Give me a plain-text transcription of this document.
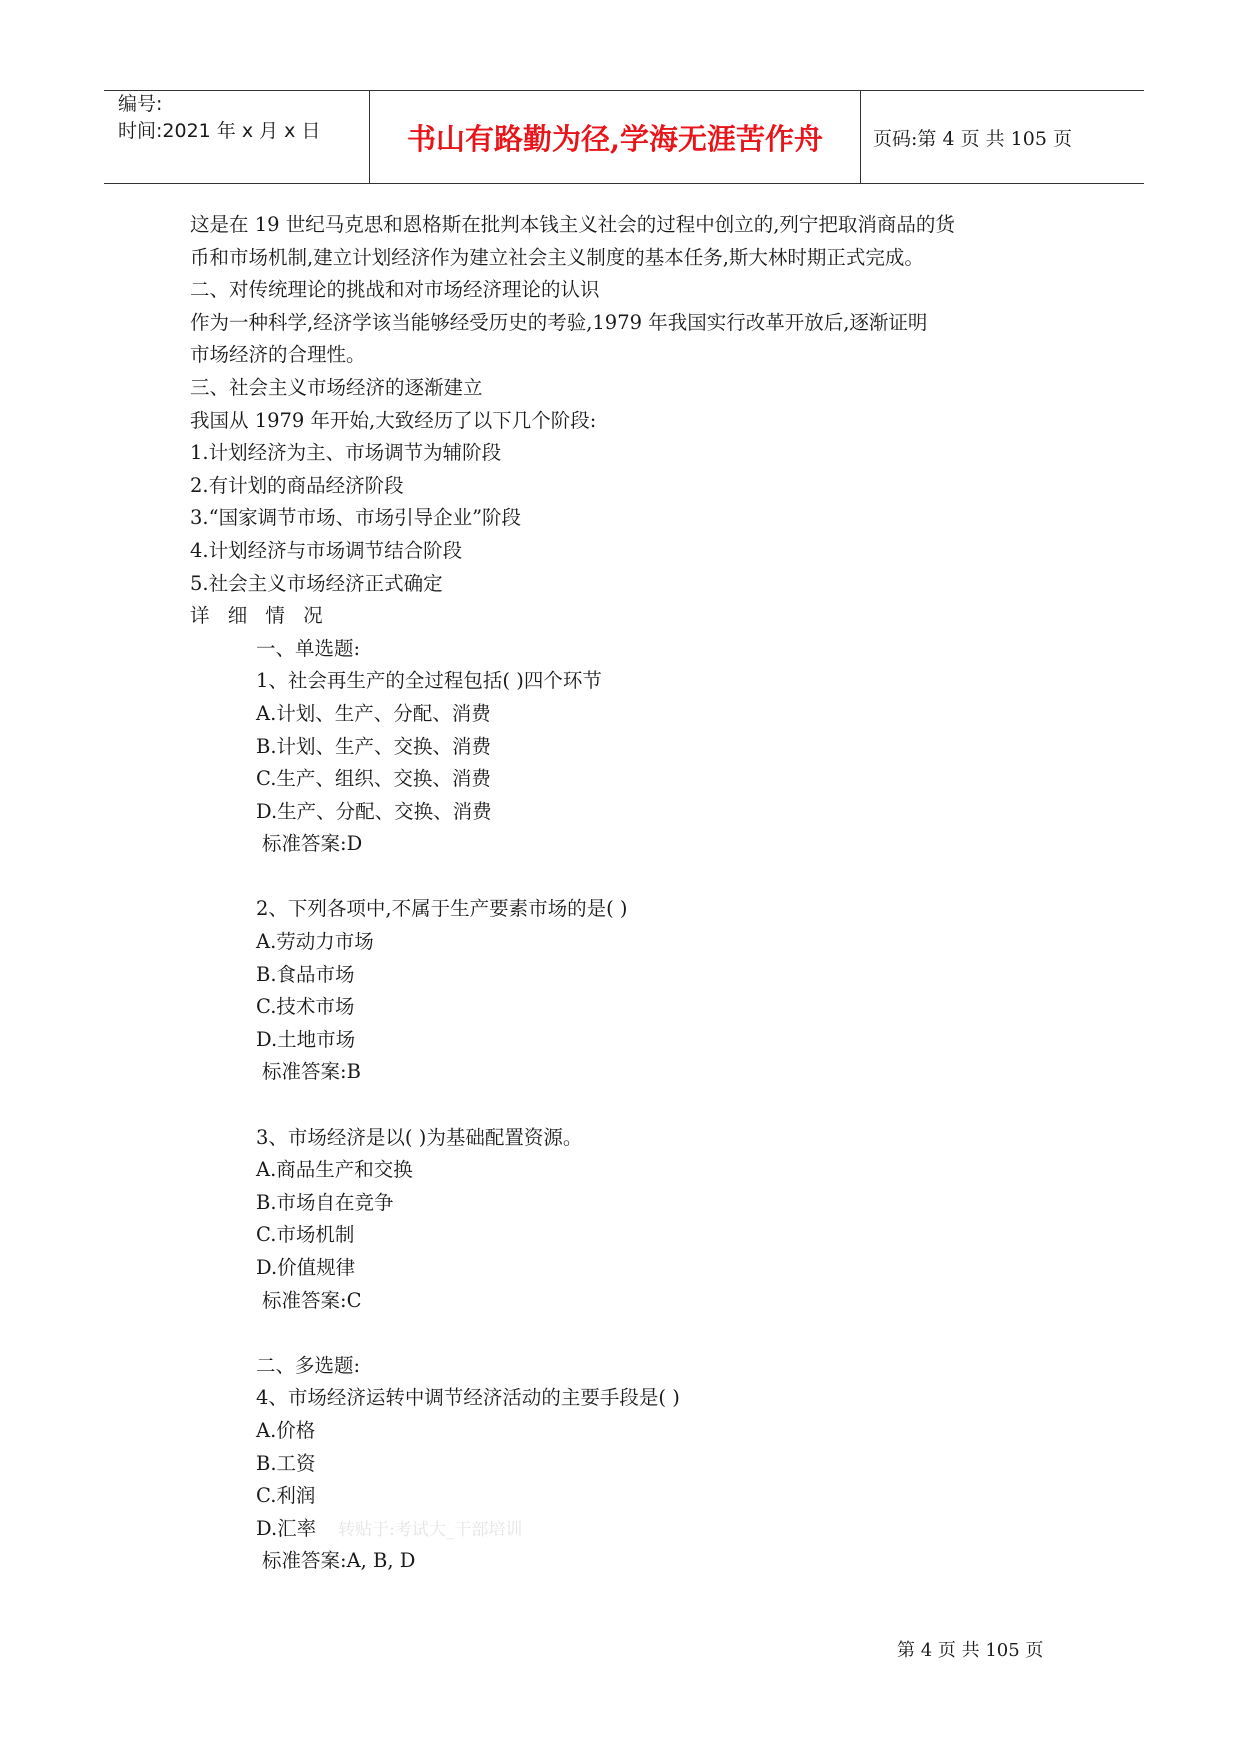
编号:
时间:2021 年 x 月 x 日	书山有路勤为径,学海无涯苦作舟	页码:第 4 页 共 105 页
这是在 19 世纪马克思和恩格斯在批判本钱主义社会的过程中创立的,列宁把取消商品的货
币和市场机制,建立计划经济作为建立社会主义制度的基本任务,斯大林时期正式完成。
二、对传统理论的挑战和对市场经济理论的认识
作为一种科学,经济学该当能够经受历史的考验,1979 年我国实行改革开放后,逐渐证明
市场经济的合理性。
三、社会主义市场经济的逐渐建立
我国从 1979 年开始,大致经历了以下几个阶段:
1.计划经济为主、市场调节为辅阶段
2.有计划的商品经济阶段
3.“国家调节市场、市场引导企业”阶段
4.计划经济与市场调节结合阶段
5.社会主义市场经济正式确定
详 细 情 况
一、单选题:
1、社会再生产的全过程包括( )四个环节
A.计划、生产、分配、消费
B.计划、生产、交换、消费
C.生产、组织、交换、消费
D.生产、分配、交换、消费
标准答案:D
2、下列各项中,不属于生产要素市场的是( )
A.劳动力市场
B.食品市场
C.技术市场
D.土地市场
标准答案:B
3、市场经济是以( )为基础配置资源。
A.商品生产和交换
B.市场自在竞争
C.市场机制
D.价值规律
标准答案:C
二、多选题:
4、市场经济运转中调节经济活动的主要手段是( )
A.价格
B.工资
C.利润
D.汇率 转贴于:考试大_干部培训
标准答案:A, B, D
第 4 页 共 105 页
